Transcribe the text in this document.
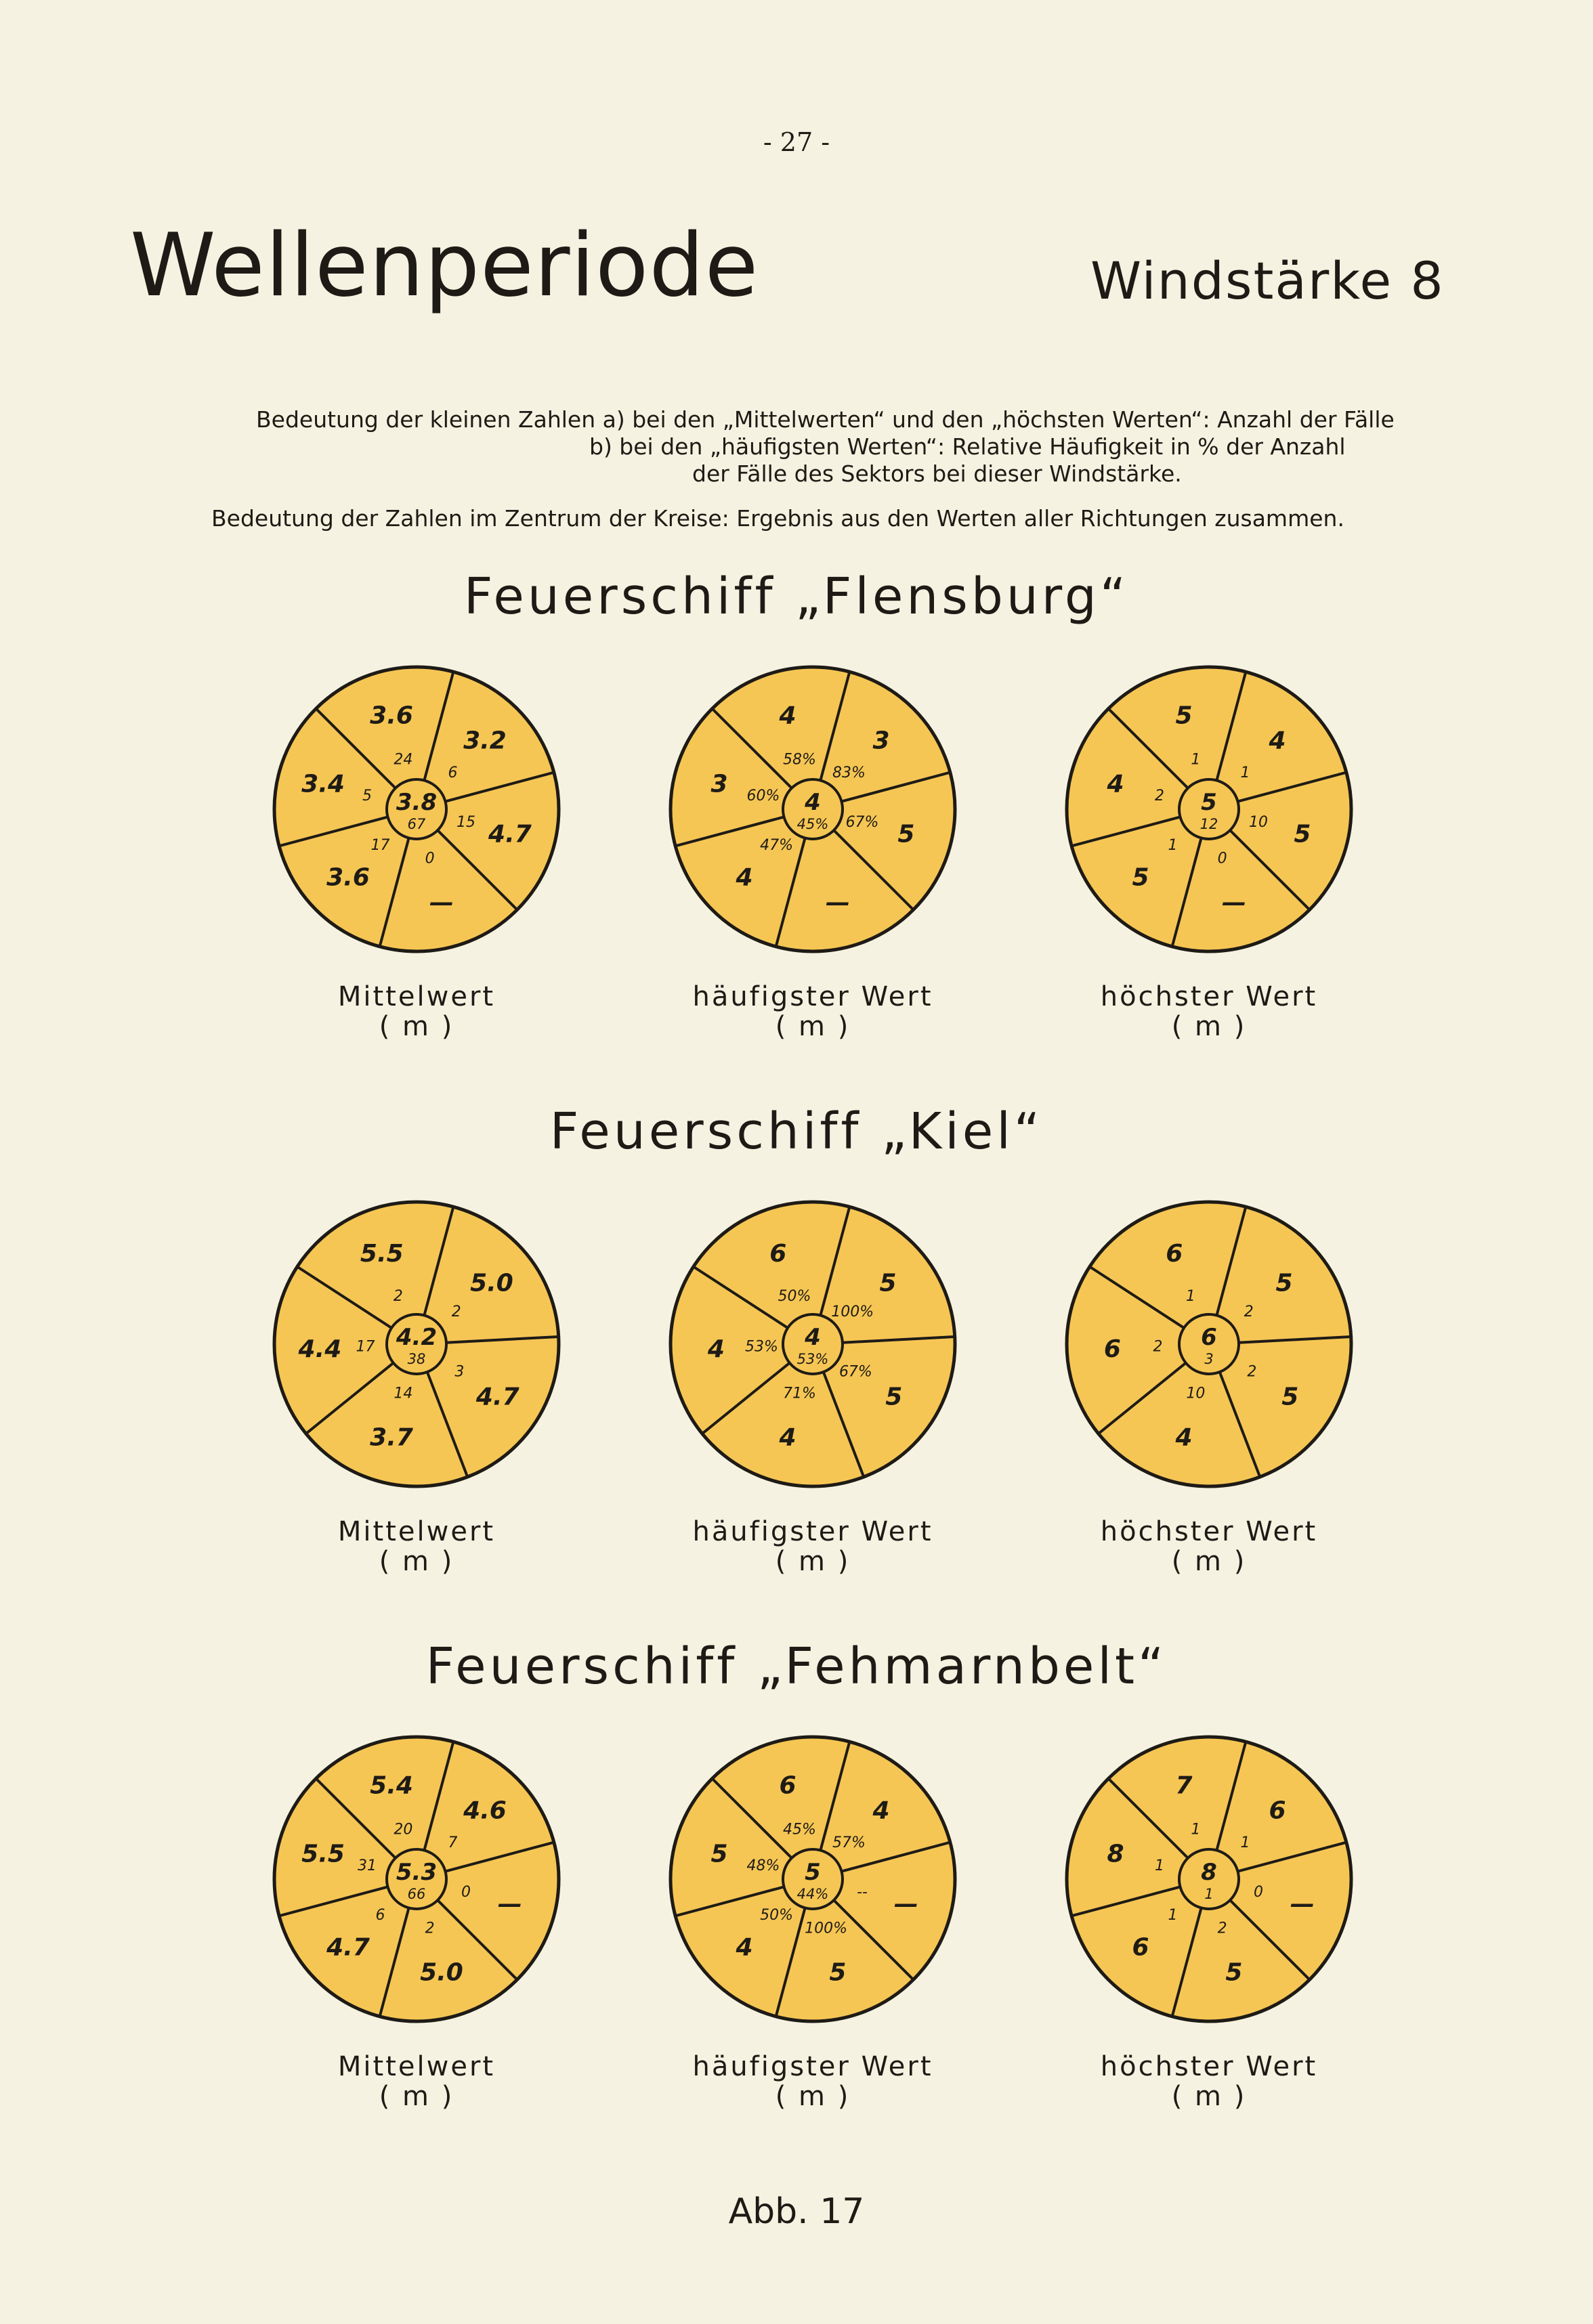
- 27 -
Wellenperiode	Windstärke 8
Bedeutung der kleinen Zahlen a) bei den „Mittelwerten“ und den „höchsten Werten“: Anzahl der Fälle
b) bei den „häufigsten Werten“: Relative Häufigkeit in % der Anzahl
der Fälle des Sektors bei dieser Windstärke.
Bedeutung der Zahlen im Zentrum der Kreise: Ergebnis aus den Werten aller Richtungen zusammen.
Feuerschiff „Flensburg“
Feuerschiff „Kiel“
Feuerschiff „Fehmarnbelt“
3.2
6
4.7
15
—
0
3.6
17
3.4 5
3.6
24
3.8
67
Mittelwert
( m )
3
83%
5
67%
—
4
47%
3 60%
4
58%
4
45%
häufigster Wert
( m )
4
1
5
10
—
0
5
1
4 2
5
1
5
12
höchster Wert
( m )
5.0
2
4.7
3
3.7
14
4.4 17
5.5
2
4.2
38
Mittelwert
( m )
5
100%
5
67%
4
71%
4 53%
6
50%
4
53%
häufigster Wert
( m )
5
2
5
2
4
10
6 2
6
1
6
3
höchster Wert
( m )
4.6
7
—
0
5.0
2
4.7
6
5.5 31
5.4
20
5.3
66
Mittelwert
( m )
4
57%
—
--
5
100%
4
50%
5 48%
6
45%
5
44%
häufigster Wert
( m )
6
1
—
0
5
2
6
1
8 1
7
1
8
1
höchster Wert
( m )
Abb. 17
